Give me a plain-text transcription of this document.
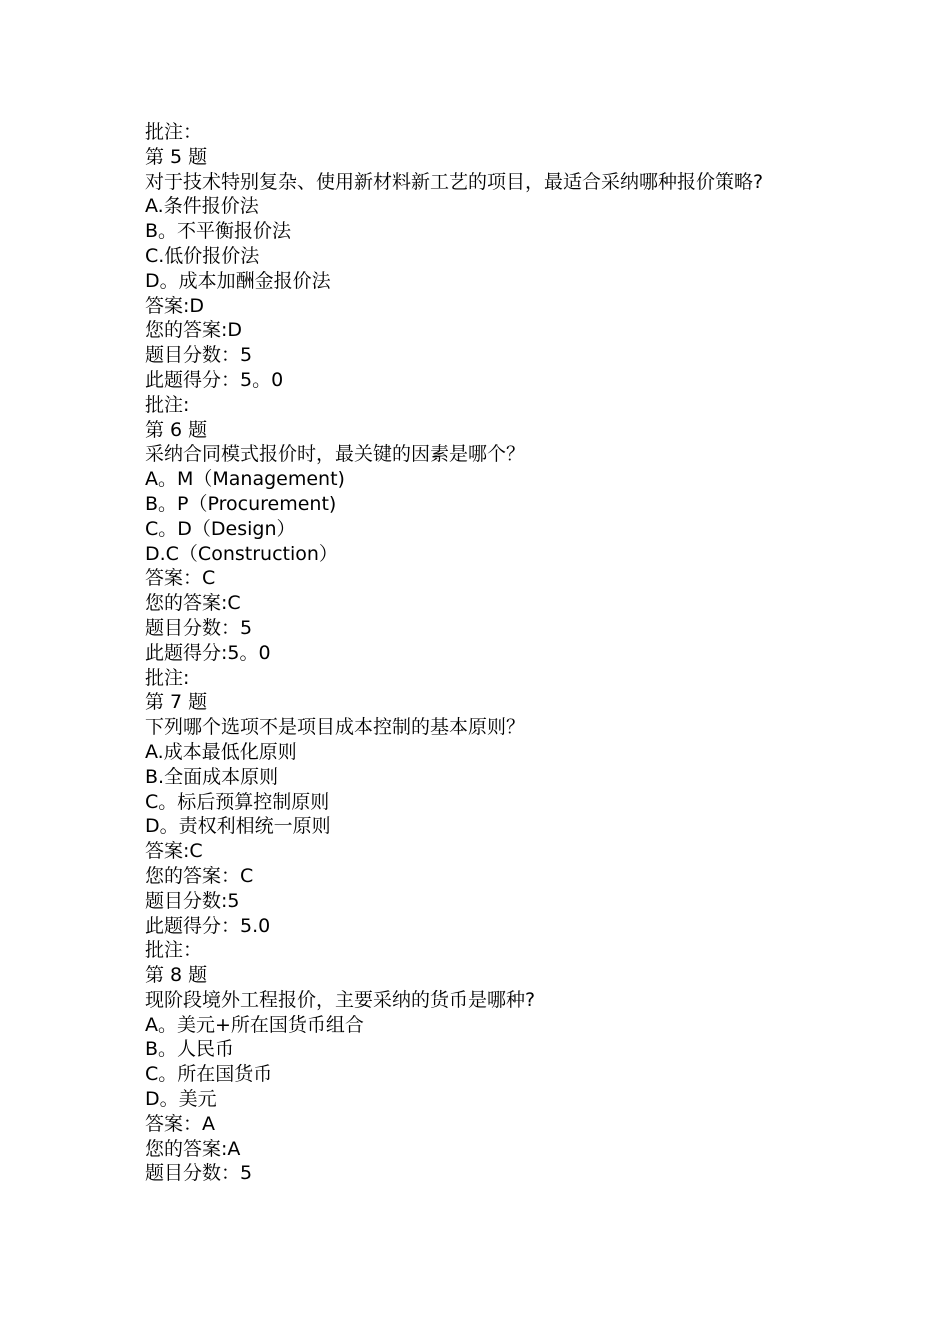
批注：
第 5 题
对于技术特别复杂、使用新材料新工艺的项目，最适合采纳哪种报价策略?
A.条件报价法
B。不平衡报价法
C.低价报价法
D。成本加酬金报价法
答案:D
您的答案:D
题目分数：5
此题得分：5。0
批注:
第 6 题
采纳合同模式报价时，最关键的因素是哪个？
A。M（Management)
B。P（Procurement)
C。D（Design）
D.C（Construction）
答案：C
您的答案:C
题目分数：5
此题得分:5。0
批注:
第 7 题
下列哪个选项不是项目成本控制的基本原则？
A.成本最低化原则
B.全面成本原则
C。标后预算控制原则
D。责权利相统一原则
答案:C
您的答案：C
题目分数:5
此题得分：5.0
批注：
第 8 题
现阶段境外工程报价，主要采纳的货币是哪种?
A。美元+所在国货币组合
B。人民币
C。所在国货币
D。美元
答案：A
您的答案:A
题目分数：5
